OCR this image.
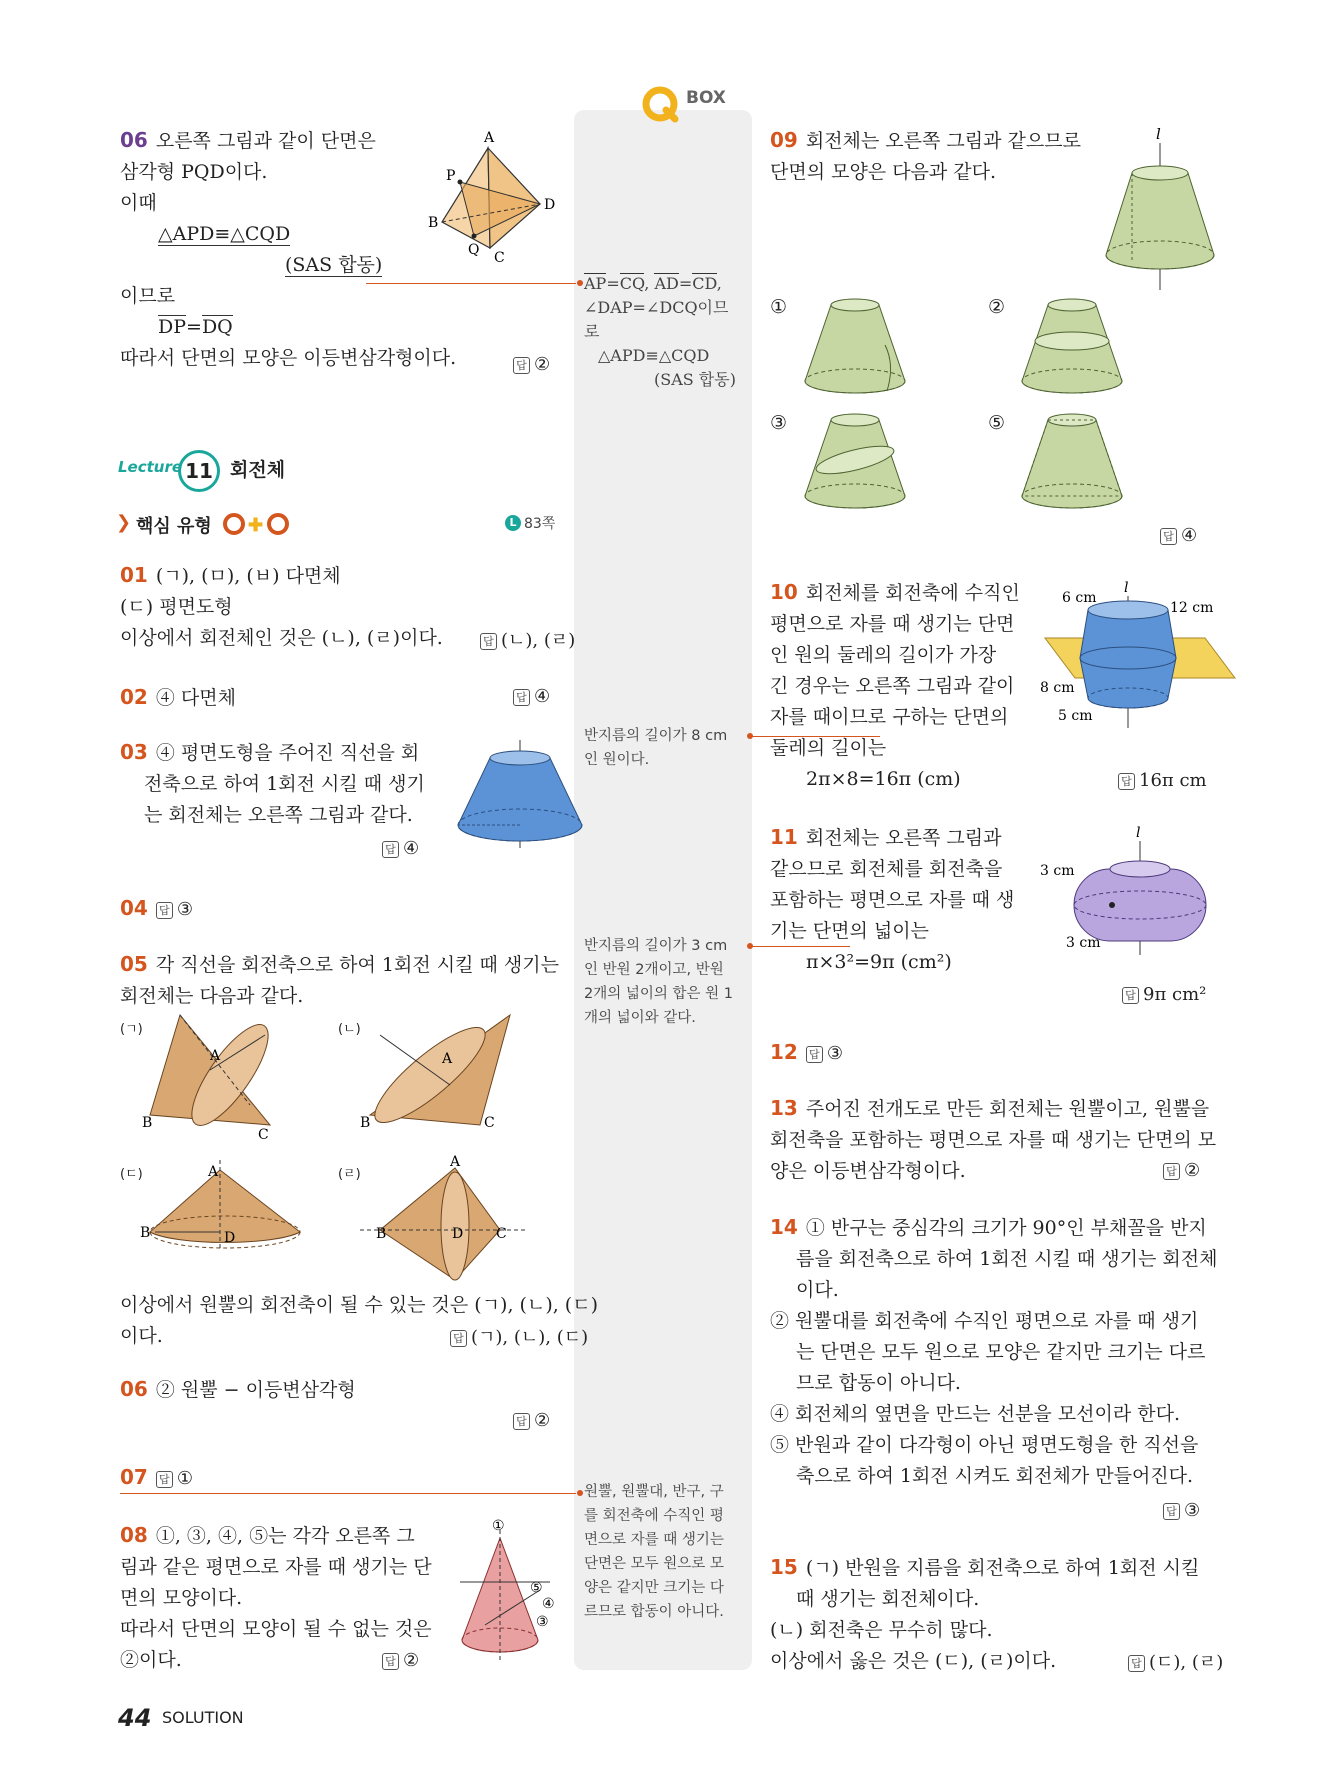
BOX
06 오른쪽 그림과 같이 단면은
삼각형 PQD이다.
이때
△APD≡△CQD
(SAS 합동)
이므로
DP=DQ
따라서 단면의 모양은 이등변삼각형이다.	답 ②
A
P
B
D
Q C
Lecture 11 회전체
❯ 핵심 유형 ✚	L 83쪽
01 (ㄱ), (ㅁ), (ㅂ) 다면체
(ㄷ) 평면도형
이상에서 회전체인 것은 (ㄴ), (ㄹ)이다.	답 (ㄴ), (ㄹ)
02 ④ 다면체	답 ④
03 ④ 평면도형을 주어진 직선을 회
전축으로 하여 1회전 시킬 때 생기
는 회전체는 오른쪽 그림과 같다.
답 ④
04 답 ③
05 각 직선을 회전축으로 하여 1회전 시킬 때 생기는
회전체는 다음과 같다.
(ㄱ)	(ㄴ)
(ㄷ)	(ㄹ)
A
B
C
A
B	C
A
B	D
A
B	D C
이상에서 원뿔의 회전축이 될 수 있는 것은 (ㄱ), (ㄴ), (ㄷ)
이다.	답 (ㄱ), (ㄴ), (ㄷ)
06 ② 원뿔 − 이등변삼각형
답 ②
07 답 ①
08 ①, ③, ④, ⑤는 각각 오른쪽 그
림과 같은 평면으로 자를 때 생기는 단
면의 모양이다.
따라서 단면의 모양이 될 수 없는 것은
②이다.	답 ②
①
⑤
④
③
44 SOLUTION
AP=CQ, AD=CD,
∠DAP=∠DCQ이므
로
△APD≡△CQD
(SAS 합동)
반지름의 길이가 8 cm
인 원이다.
반지름의 길이가 3 cm
인 반원 2개이고, 반원
2개의 넓이의 합은 원 1
개의 넓이와 같다.
원뿔, 원뿔대, 반구, 구
를 회전축에 수직인 평
면으로 자를 때 생기는
단면은 모두 원으로 모
양은 같지만 크기는 다
르므로 합동이 아니다.
09 회전체는 오른쪽 그림과 같으므로
단면의 모양은 다음과 같다.
l
①	②
③	⑤
답 ④
10 회전체를 회전축에 수직인
평면으로 자를 때 생기는 단면
인 원의 둘레의 길이가 가장
긴 경우는 오른쪽 그림과 같이
자를 때이므로 구하는 단면의
둘레의 길이는
2π×8=16π (cm)	답 16π cm
l
6 cm
12 cm
8 cm
5 cm
11 회전체는 오른쪽 그림과
같으므로 회전체를 회전축을
포함하는 평면으로 자를 때 생
기는 단면의 넓이는
π×3²=9π (cm²)
답 9π cm²
l
3 cm
3 cm
12 답 ③
13 주어진 전개도로 만든 회전체는 원뿔이고, 원뿔을
회전축을 포함하는 평면으로 자를 때 생기는 단면의 모
양은 이등변삼각형이다.	답 ②
14 ① 반구는 중심각의 크기가 90°인 부채꼴을 반지
름을 회전축으로 하여 1회전 시킬 때 생기는 회전체
이다.
② 원뿔대를 회전축에 수직인 평면으로 자를 때 생기
는 단면은 모두 원으로 모양은 같지만 크기는 다르
므로 합동이 아니다.
④ 회전체의 옆면을 만드는 선분을 모선이라 한다.
⑤ 반원과 같이 다각형이 아닌 평면도형을 한 직선을
축으로 하여 1회전 시켜도 회전체가 만들어진다.
답 ③
15 (ㄱ) 반원을 지름을 회전축으로 하여 1회전 시킬
때 생기는 회전체이다.
(ㄴ) 회전축은 무수히 많다.
이상에서 옳은 것은 (ㄷ), (ㄹ)이다.	답 (ㄷ), (ㄹ)
